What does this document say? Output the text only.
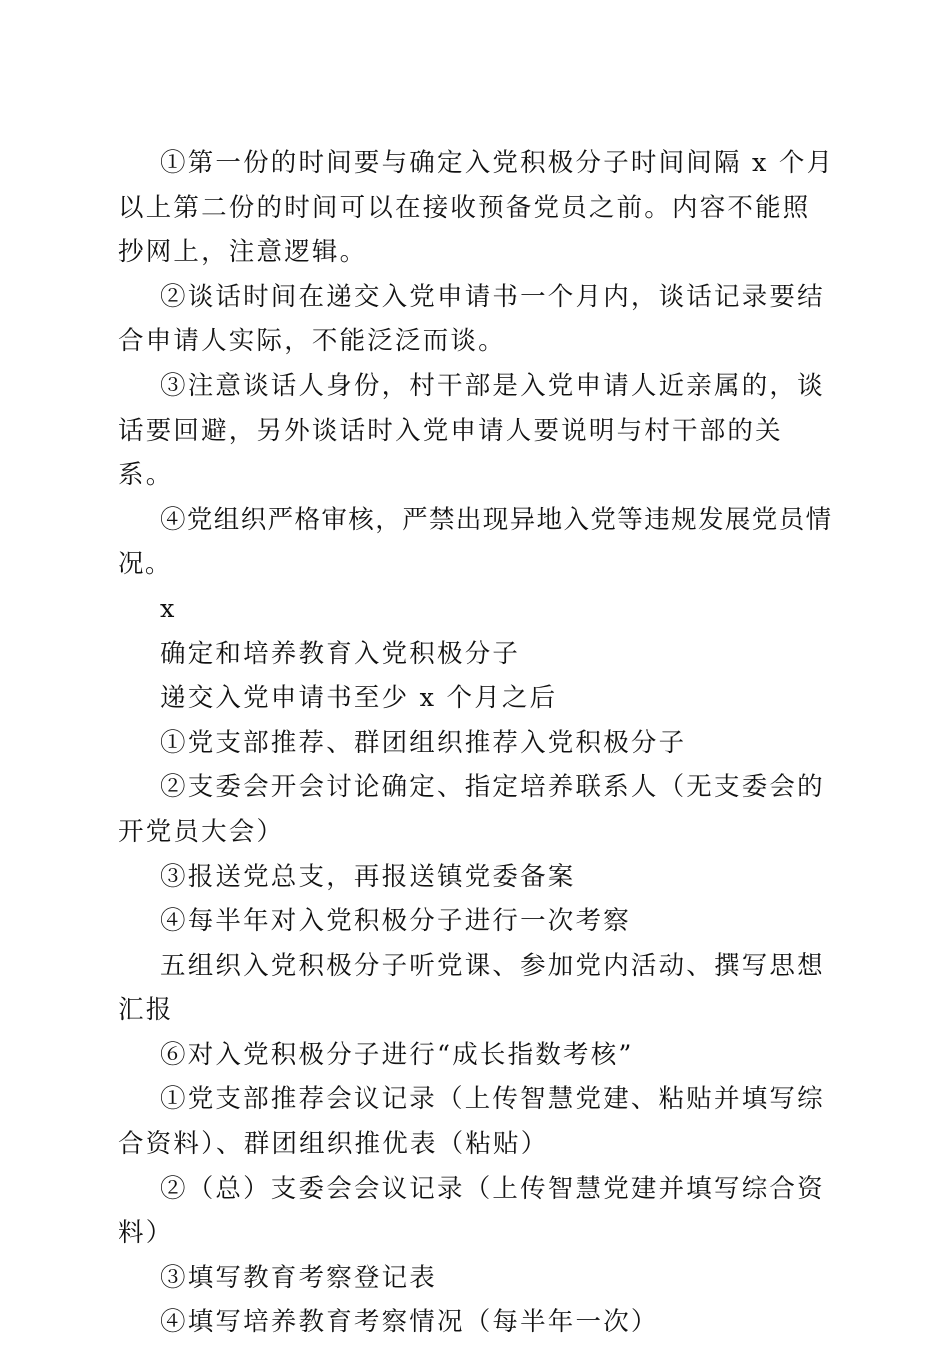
①第一份的时间要与确定入党积极分子时间间隔 x 个月以上第二份的时间可以在接收预备党员之前。内容不能照抄网上，注意逻辑。

②谈话时间在递交入党申请书一个月内，谈话记录要结合申请人实际，不能泛泛而谈。

③注意谈话人身份，村干部是入党申请人近亲属的，谈话要回避，另外谈话时入党申请人要说明与村干部的关系。

④党组织严格审核，严禁出现异地入党等违规发展党员情况。

x

确定和培养教育入党积极分子

递交入党申请书至少 x 个月之后

①党支部推荐、群团组织推荐入党积极分子

②支委会开会讨论确定、指定培养联系人（无支委会的开党员大会）

③报送党总支，再报送镇党委备案

④每半年对入党积极分子进行一次考察

五组织入党积极分子听党课、参加党内活动、撰写思想汇报

⑥对入党积极分子进行“成长指数考核”

①党支部推荐会议记录（上传智慧党建、粘贴并填写综合资料）、群团组织推优表（粘贴）

②（总）支委会会议记录（上传智慧党建并填写综合资料）

③填写教育考察登记表

④填写培养教育考察情况（每半年一次）
